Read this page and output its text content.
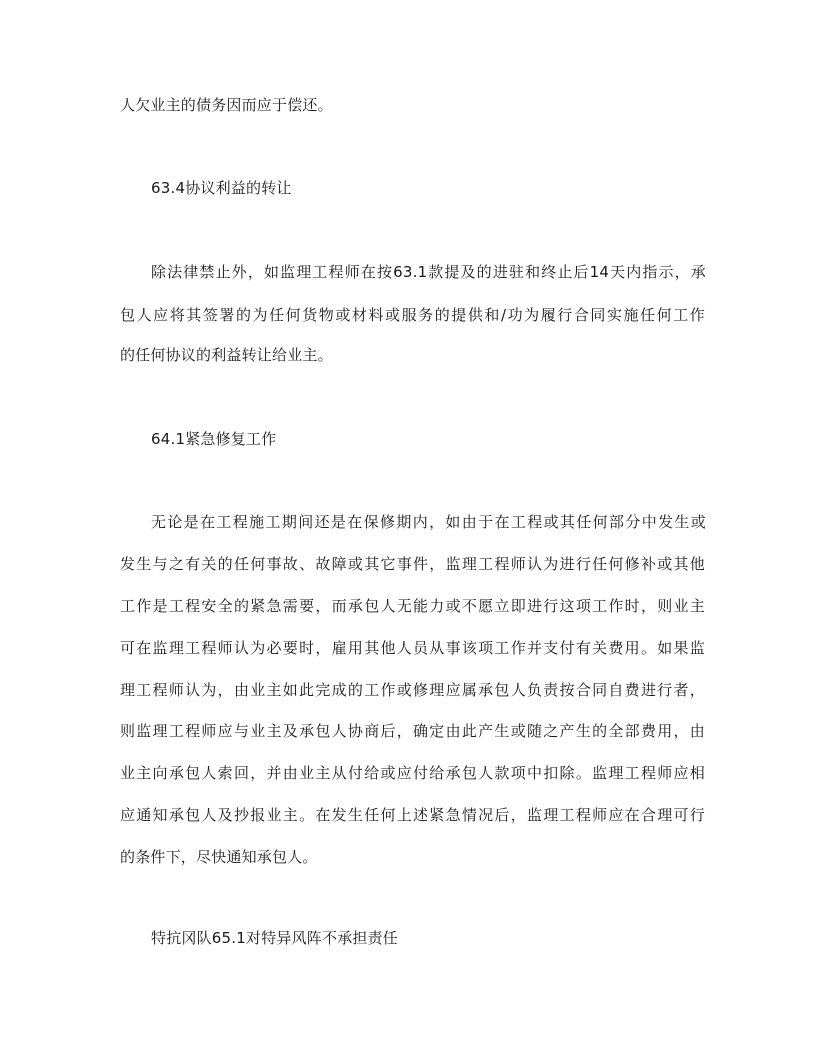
人欠业主的债务因而应于偿还。
63.4协议利益的转让
除法律禁止外，如监理工程师在按63.1款提及的进驻和终止后14天内指示，承
包人应将其签署的为任何货物或材料或服务的提供和/功为履行合同实施任何工作
的任何协议的利益转让给业主。
64.1紧急修复工作
无论是在工程施工期间还是在保修期内，如由于在工程或其任何部分中发生或
发生与之有关的任何事故、故障或其它事件，监理工程师认为进行任何修补或其他
工作是工程安全的紧急需要，而承包人无能力或不愿立即进行这项工作时，则业主
可在监理工程师认为必要时，雇用其他人员从事该项工作并支付有关费用。如果监
理工程师认为，由业主如此完成的工作或修理应属承包人负责按合同自费进行者，
则监理工程师应与业主及承包人协商后，确定由此产生或随之产生的全部费用，由
业主向承包人索回，并由业主从付给或应付给承包人款项中扣除。监理工程师应相
应通知承包人及抄报业主。在发生任何上述紧急情况后，监理工程师应在合理可行
的条件下，尽快通知承包人。
特抗冈队65.1对特异风阵不承担责任
